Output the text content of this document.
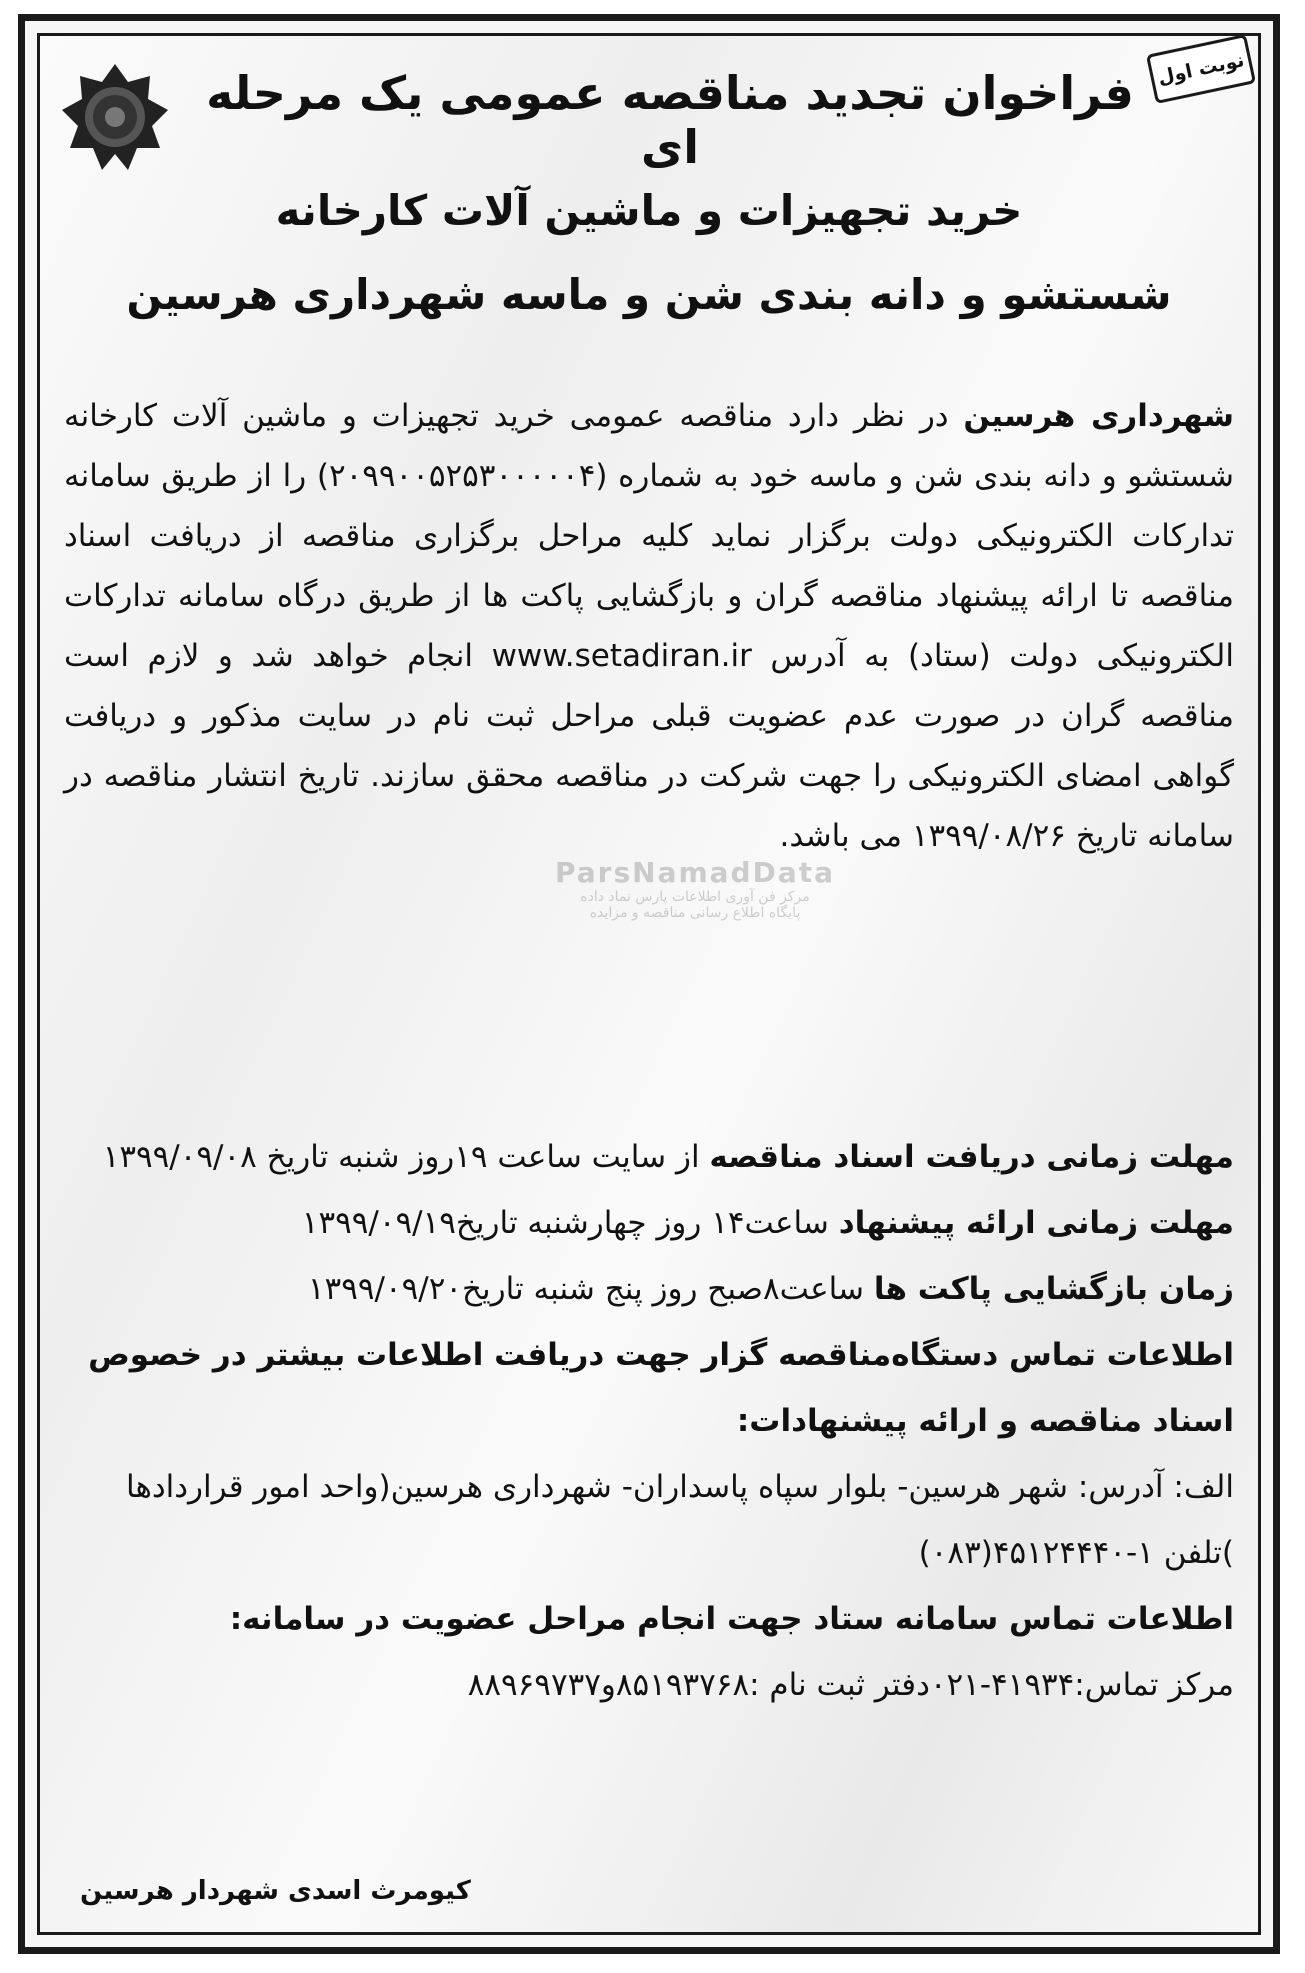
نوبت اول
فراخوان تجدید مناقصه عمومی یک مرحله ای
خرید تجهیزات و ماشین آلات کارخانه
شستشو و دانه بندی شن و ماسه شهرداری هرسین
شهرداری هرسین در نظر دارد مناقصه عمومی خرید تجهیزات و ماشین آلات کارخانه شستشو و دانه بندی شن و ماسه خود به شماره (۲۰۹۹۰۰۵۲۵۳۰۰۰۰۰۴) را از طریق سامانه تدارکات الکترونیکی دولت برگزار نماید کلیه مراحل برگزاری مناقصه از دریافت اسناد مناقصه تا ارائه پیشنهاد مناقصه گران و بازگشایی پاکت ها از طریق درگاه سامانه تدارکات الکترونیکی دولت (ستاد) به آدرس www.setadiran.ir انجام خواهد شد و لازم است مناقصه گران در صورت عدم عضویت قبلی مراحل ثبت نام در سایت مذکور و دریافت گواهی امضای الکترونیکی را جهت شرکت در مناقصه محقق سازند. تاریخ انتشار مناقصه در سامانه تاریخ ۱۳۹۹/۰۸/۲۶ می باشد.

مهلت زمانی دریافت اسناد مناقصه از سایت ساعت ۱۹روز شنبه تاریخ ۱۳۹۹/۰۹/۰۸

مهلت زمانی ارائه پیشنهاد ساعت۱۴ روز چهارشنبه تاریخ۱۳۹۹/۰۹/۱۹

زمان بازگشایی پاکت ها ساعت۸صبح روز پنج شنبه تاریخ۱۳۹۹/۰۹/۲۰

اطلاعات تماس دستگاه‌مناقصه گزار جهت دریافت اطلاعات بیشتر در خصوص اسناد مناقصه و ارائه پیشنهادات:

الف: آدرس: شهر هرسین- بلوار سپاه پاسداران- شهرداری هرسین(واحد امور قراردادها )تلفن ۱-۴۵۱۲۴۴۴۰(۰۸۳)

اطلاعات تماس سامانه ستاد جهت انجام مراحل عضویت در سامانه:

مرکز تماس:۴۱۹۳۴-۰۲۱دفتر ثبت نام :۸۵۱۹۳۷۶۸و۸۸۹۶۹۷۳۷

ParsNamadData
مرکز فن آوری اطلاعات پارس نماد داده
پایگاه اطلاع رسانی مناقصه و مزایده
کیومرث اسدی شهردار هرسین
